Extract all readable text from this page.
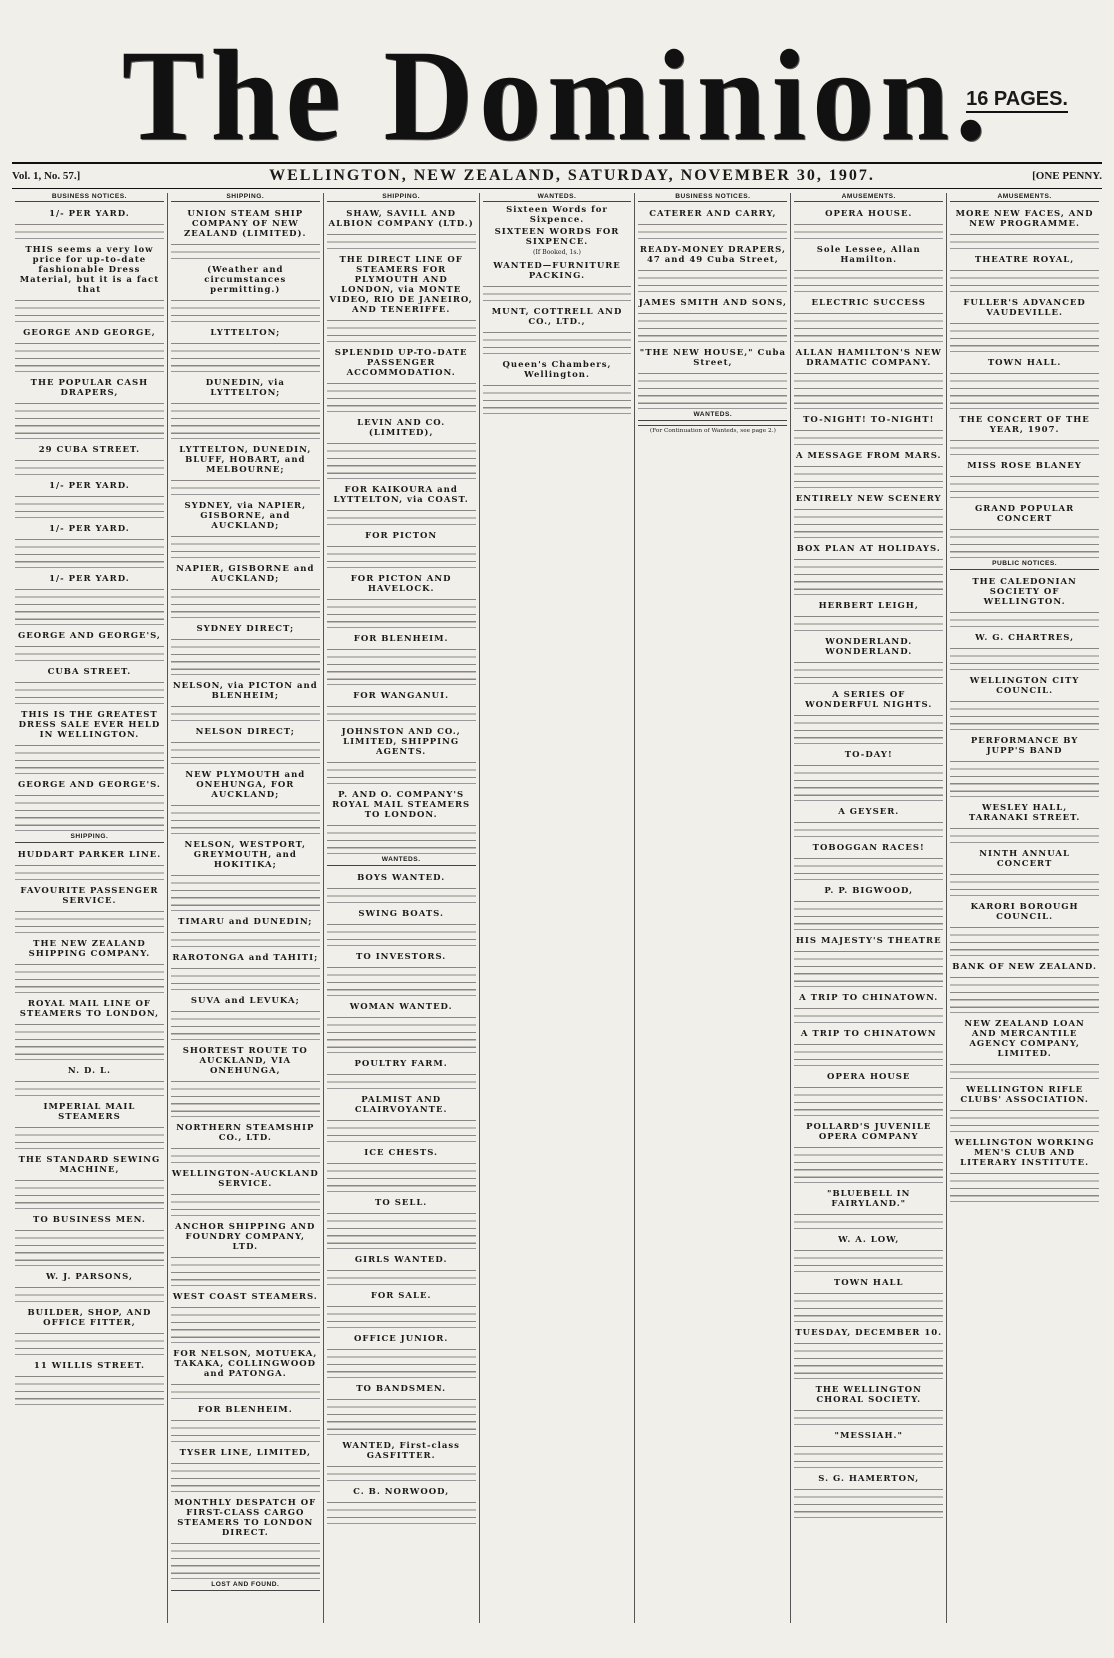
The Dominion.
16 PAGES.
Vol. 1, No. 57.]	WELLINGTON, NEW ZEALAND, SATURDAY, NOVEMBER 30, 1907.	[ONE PENNY.
BUSINESS NOTICES.
1/- PER YARD.
THIS seems a very low price for up-to-date fashionable Dress Material, but it is a fact that
GEORGE AND GEORGE,
THE POPULAR CASH DRAPERS,
29 CUBA STREET.
1/- PER YARD.
1/- PER YARD.
1/- PER YARD.
GEORGE AND GEORGE'S,
CUBA STREET.
THIS IS THE GREATEST DRESS SALE EVER HELD IN WELLINGTON.
GEORGE AND GEORGE'S.
SHIPPING.
HUDDART PARKER LINE.
FAVOURITE PASSENGER SERVICE.
THE NEW ZEALAND SHIPPING COMPANY.
ROYAL MAIL LINE OF STEAMERS TO LONDON,
N. D. L.
IMPERIAL MAIL STEAMERS
THE STANDARD SEWING MACHINE,
TO BUSINESS MEN.
W. J. PARSONS,
BUILDER, SHOP, AND OFFICE FITTER,
11 WILLIS STREET.
SHIPPING.
UNION STEAM SHIP COMPANY OF NEW ZEALAND (LIMITED).
(Weather and circumstances permitting.)
LYTTELTON;
DUNEDIN, via LYTTELTON;
LYTTELTON, DUNEDIN, BLUFF, HOBART, and MELBOURNE;
SYDNEY, via NAPIER, GISBORNE, and AUCKLAND;
NAPIER, GISBORNE and AUCKLAND;
SYDNEY DIRECT;
NELSON, via PICTON and BLENHEIM;
NELSON DIRECT;
NEW PLYMOUTH and ONEHUNGA, FOR AUCKLAND;
NELSON, WESTPORT, GREYMOUTH, and HOKITIKA;
TIMARU and DUNEDIN;
RAROTONGA and TAHITI;
SUVA and LEVUKA;
SHORTEST ROUTE TO AUCKLAND, VIA ONEHUNGA,
NORTHERN STEAMSHIP CO., LTD.
WELLINGTON-AUCKLAND SERVICE.
ANCHOR SHIPPING AND FOUNDRY COMPANY, LTD.
WEST COAST STEAMERS.
FOR NELSON, MOTUEKA, TAKAKA, COLLINGWOOD and PATONGA.
FOR BLENHEIM.
TYSER LINE, LIMITED,
MONTHLY DESPATCH OF FIRST-CLASS CARGO STEAMERS TO LONDON DIRECT.
LOST AND FOUND.
SHIPPING.
SHAW, SAVILL AND ALBION COMPANY (LTD.)
THE DIRECT LINE OF STEAMERS FOR PLYMOUTH AND LONDON, via MONTE VIDEO, RIO DE JANEIRO, AND TENERIFFE.
SPLENDID UP-TO-DATE PASSENGER ACCOMMODATION.
LEVIN AND CO. (LIMITED),
FOR KAIKOURA and LYTTELTON, via COAST.
FOR PICTON
FOR PICTON AND HAVELOCK.
FOR BLENHEIM.
FOR WANGANUI.
JOHNSTON AND CO., LIMITED, SHIPPING AGENTS.
P. AND O. COMPANY'S ROYAL MAIL STEAMERS TO LONDON.
WANTEDS.
BOYS WANTED.
SWING BOATS.
TO INVESTORS.
WOMAN WANTED.
POULTRY FARM.
PALMIST AND CLAIRVOYANTE.
ICE CHESTS.
TO SELL.
GIRLS WANTED.
FOR SALE.
OFFICE JUNIOR.
TO BANDSMEN.
WANTED, First-class GASFITTER.
C. B. NORWOOD,
WANTEDS.
Sixteen Words for Sixpence.
SIXTEEN WORDS FOR SIXPENCE.
(If Booked, 1s.)
WANTED—FURNITURE PACKING.
MUNT, COTTRELL AND CO., LTD.,
Queen's Chambers, Wellington.
BUSINESS NOTICES.
CATERER AND CARRY,
READY-MONEY DRAPERS, 47 and 49 Cuba Street,
JAMES SMITH AND SONS,
"THE NEW HOUSE," Cuba Street,
WANTEDS.
(For Continuation of Wanteds, see page 2.)
AMUSEMENTS.
OPERA HOUSE.
Sole Lessee, Allan Hamilton.
ELECTRIC SUCCESS
ALLAN HAMILTON'S NEW DRAMATIC COMPANY.
TO-NIGHT! TO-NIGHT!
A MESSAGE FROM MARS.
ENTIRELY NEW SCENERY
BOX PLAN AT HOLIDAYS.
HERBERT LEIGH,
WONDERLAND. WONDERLAND.
A SERIES OF WONDERFUL NIGHTS.
TO-DAY!
A GEYSER.
TOBOGGAN RACES!
P. P. BIGWOOD,
HIS MAJESTY'S THEATRE
A TRIP TO CHINATOWN.
A TRIP TO CHINATOWN
OPERA HOUSE
POLLARD'S JUVENILE OPERA COMPANY
"BLUEBELL IN FAIRYLAND."
W. A. LOW,
TOWN HALL
TUESDAY, DECEMBER 10.
THE WELLINGTON CHORAL SOCIETY.
"MESSIAH."
S. G. HAMERTON,
AMUSEMENTS.
MORE NEW FACES, AND NEW PROGRAMME.
THEATRE ROYAL,
FULLER'S ADVANCED VAUDEVILLE.
TOWN HALL.
THE CONCERT OF THE YEAR, 1907.
MISS ROSE BLANEY
GRAND POPULAR CONCERT
PUBLIC NOTICES.
THE CALEDONIAN SOCIETY OF WELLINGTON.
W. G. CHARTRES,
WELLINGTON CITY COUNCIL.
PERFORMANCE BY JUPP'S BAND
WESLEY HALL, TARANAKI STREET.
NINTH ANNUAL CONCERT
KARORI BOROUGH COUNCIL.
BANK OF NEW ZEALAND.
NEW ZEALAND LOAN AND MERCANTILE AGENCY COMPANY, LIMITED.
WELLINGTON RIFLE CLUBS' ASSOCIATION.
WELLINGTON WORKING MEN'S CLUB AND LITERARY INSTITUTE.
